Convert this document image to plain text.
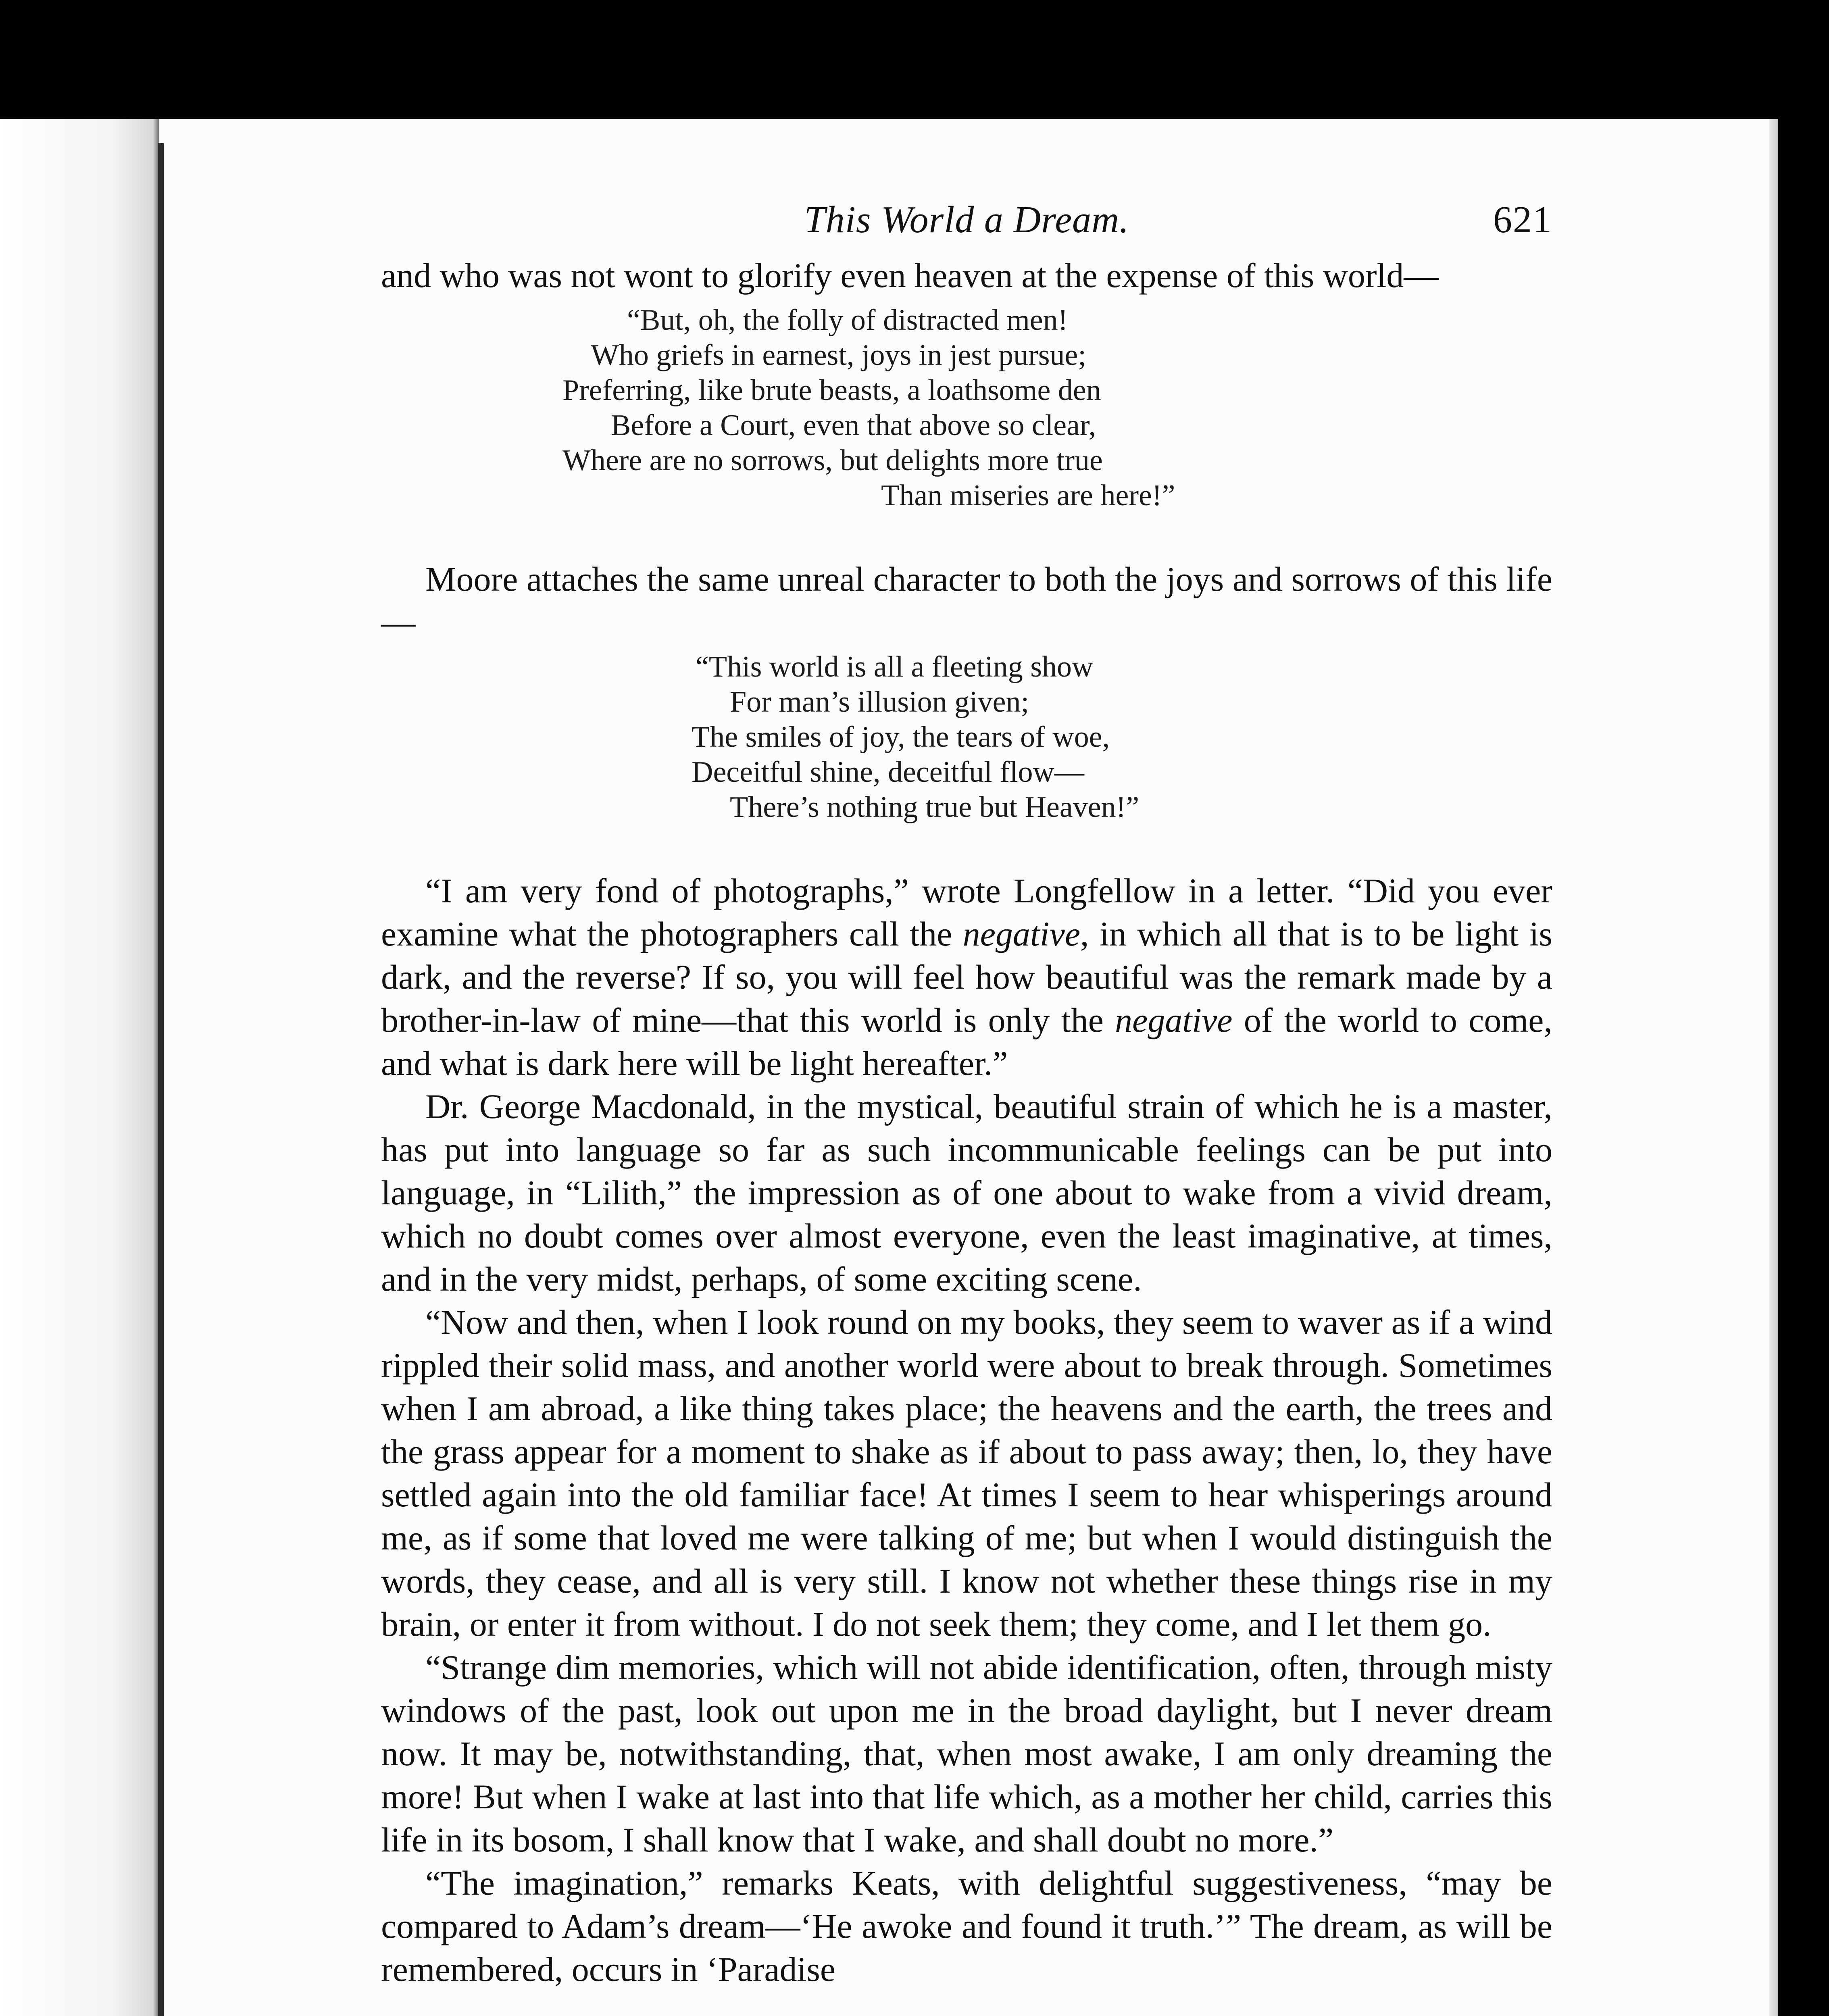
This World a Dream.	621

and who was not wont to glorify even heaven at the expense of this world—

“But, oh, the folly of distracted men!
Who griefs in earnest, joys in jest pursue;
Preferring, like brute beasts, a loathsome den
Before a Court, even that above so clear,
Where are no sorrows, but delights more true
Than miseries are here!”

Moore attaches the same unreal character to both the joys and sorrows of this life—

“This world is all a fleeting show
For man’s illusion given;
The smiles of joy, the tears of woe,
Deceitful shine, deceitful flow—
There’s nothing true but Heaven!”

“I am very fond of photographs,” wrote Longfellow in a letter. “Did you ever examine what the photographers call the negative, in which all that is to be light is dark, and the reverse? If so, you will feel how beautiful was the remark made by a brother-in-law of mine—that this world is only the negative of the world to come, and what is dark here will be light hereafter.”

Dr. George Macdonald, in the mystical, beautiful strain of which he is a master, has put into language so far as such incommunicable feelings can be put into language, in “Lilith,” the impression as of one about to wake from a vivid dream, which no doubt comes over almost everyone, even the least imaginative, at times, and in the very midst, perhaps, of some exciting scene.

“Now and then, when I look round on my books, they seem to waver as if a wind rippled their solid mass, and another world were about to break through. Sometimes when I am abroad, a like thing takes place; the heavens and the earth, the trees and the grass appear for a moment to shake as if about to pass away; then, lo, they have settled again into the old familiar face! At times I seem to hear whisperings around me, as if some that loved me were talking of me; but when I would distinguish the words, they cease, and all is very still. I know not whether these things rise in my brain, or enter it from without. I do not seek them; they come, and I let them go.

“Strange dim memories, which will not abide identification, often, through misty windows of the past, look out upon me in the broad daylight, but I never dream now. It may be, notwithstanding, that, when most awake, I am only dreaming the more! But when I wake at last into that life which, as a mother her child, carries this life in its bosom, I shall know that I wake, and shall doubt no more.”

“The imagination,” remarks Keats, with delightful suggestiveness, “may be compared to Adam’s dream—‘He awoke and found it truth.’” The dream, as will be remembered, occurs in ‘Paradise
